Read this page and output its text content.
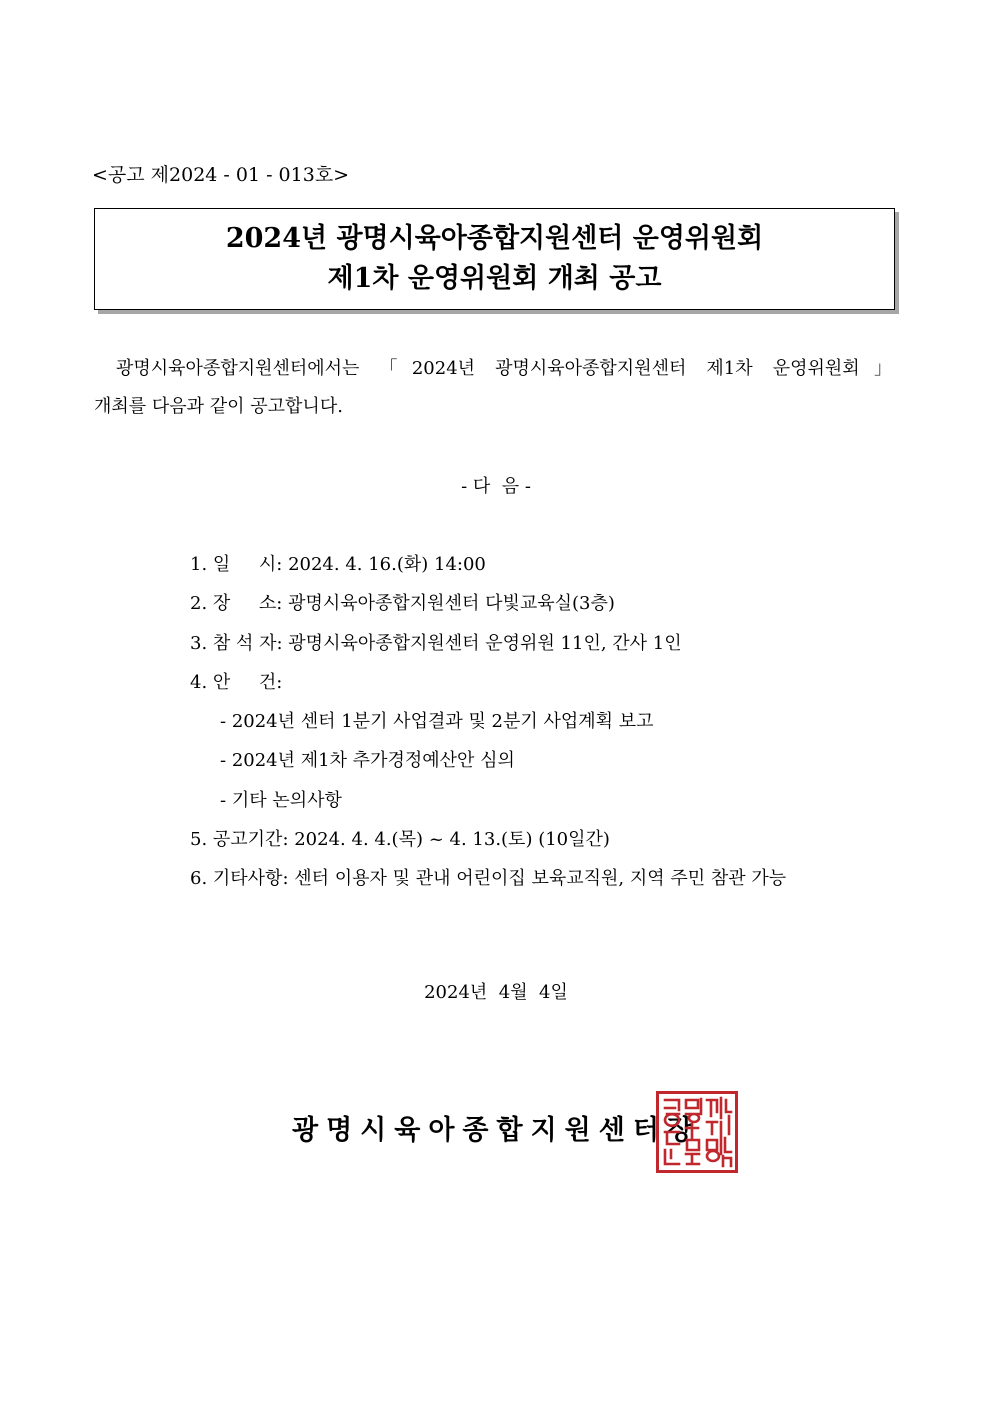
<공고 제2024 - 01 - 013호>
2024년 광명시육아종합지원센터 운영위원회
제1차 운영위원회 개최 공고
광명시육아종합지원센터에서는 「2024년 광명시육아종합지원센터 제1차 운영위원회」
개최를 다음과 같이 공고합니다.
- 다  음 -
1. 일     시: 2024. 4. 16.(화) 14:00
2. 장     소: 광명시육아종합지원센터 다빛교육실(3층)
3. 참 석 자: 광명시육아종합지원센터 운영위원 11인, 간사 1인
4. 안     건:
- 2024년 센터 1분기 사업결과 및 2분기 사업계획 보고
- 2024년 제1차 추가경정예산안 심의
- 기타 논의사항
5. 공고기간: 2024. 4. 4.(목) ~ 4. 13.(토) (10일간)
6. 기타사항: 센터 이용자 및 관내 어린이집 보육교직원, 지역 주민 참관 가능
2024년  4월  4일
광명시육아종합지원센터장
